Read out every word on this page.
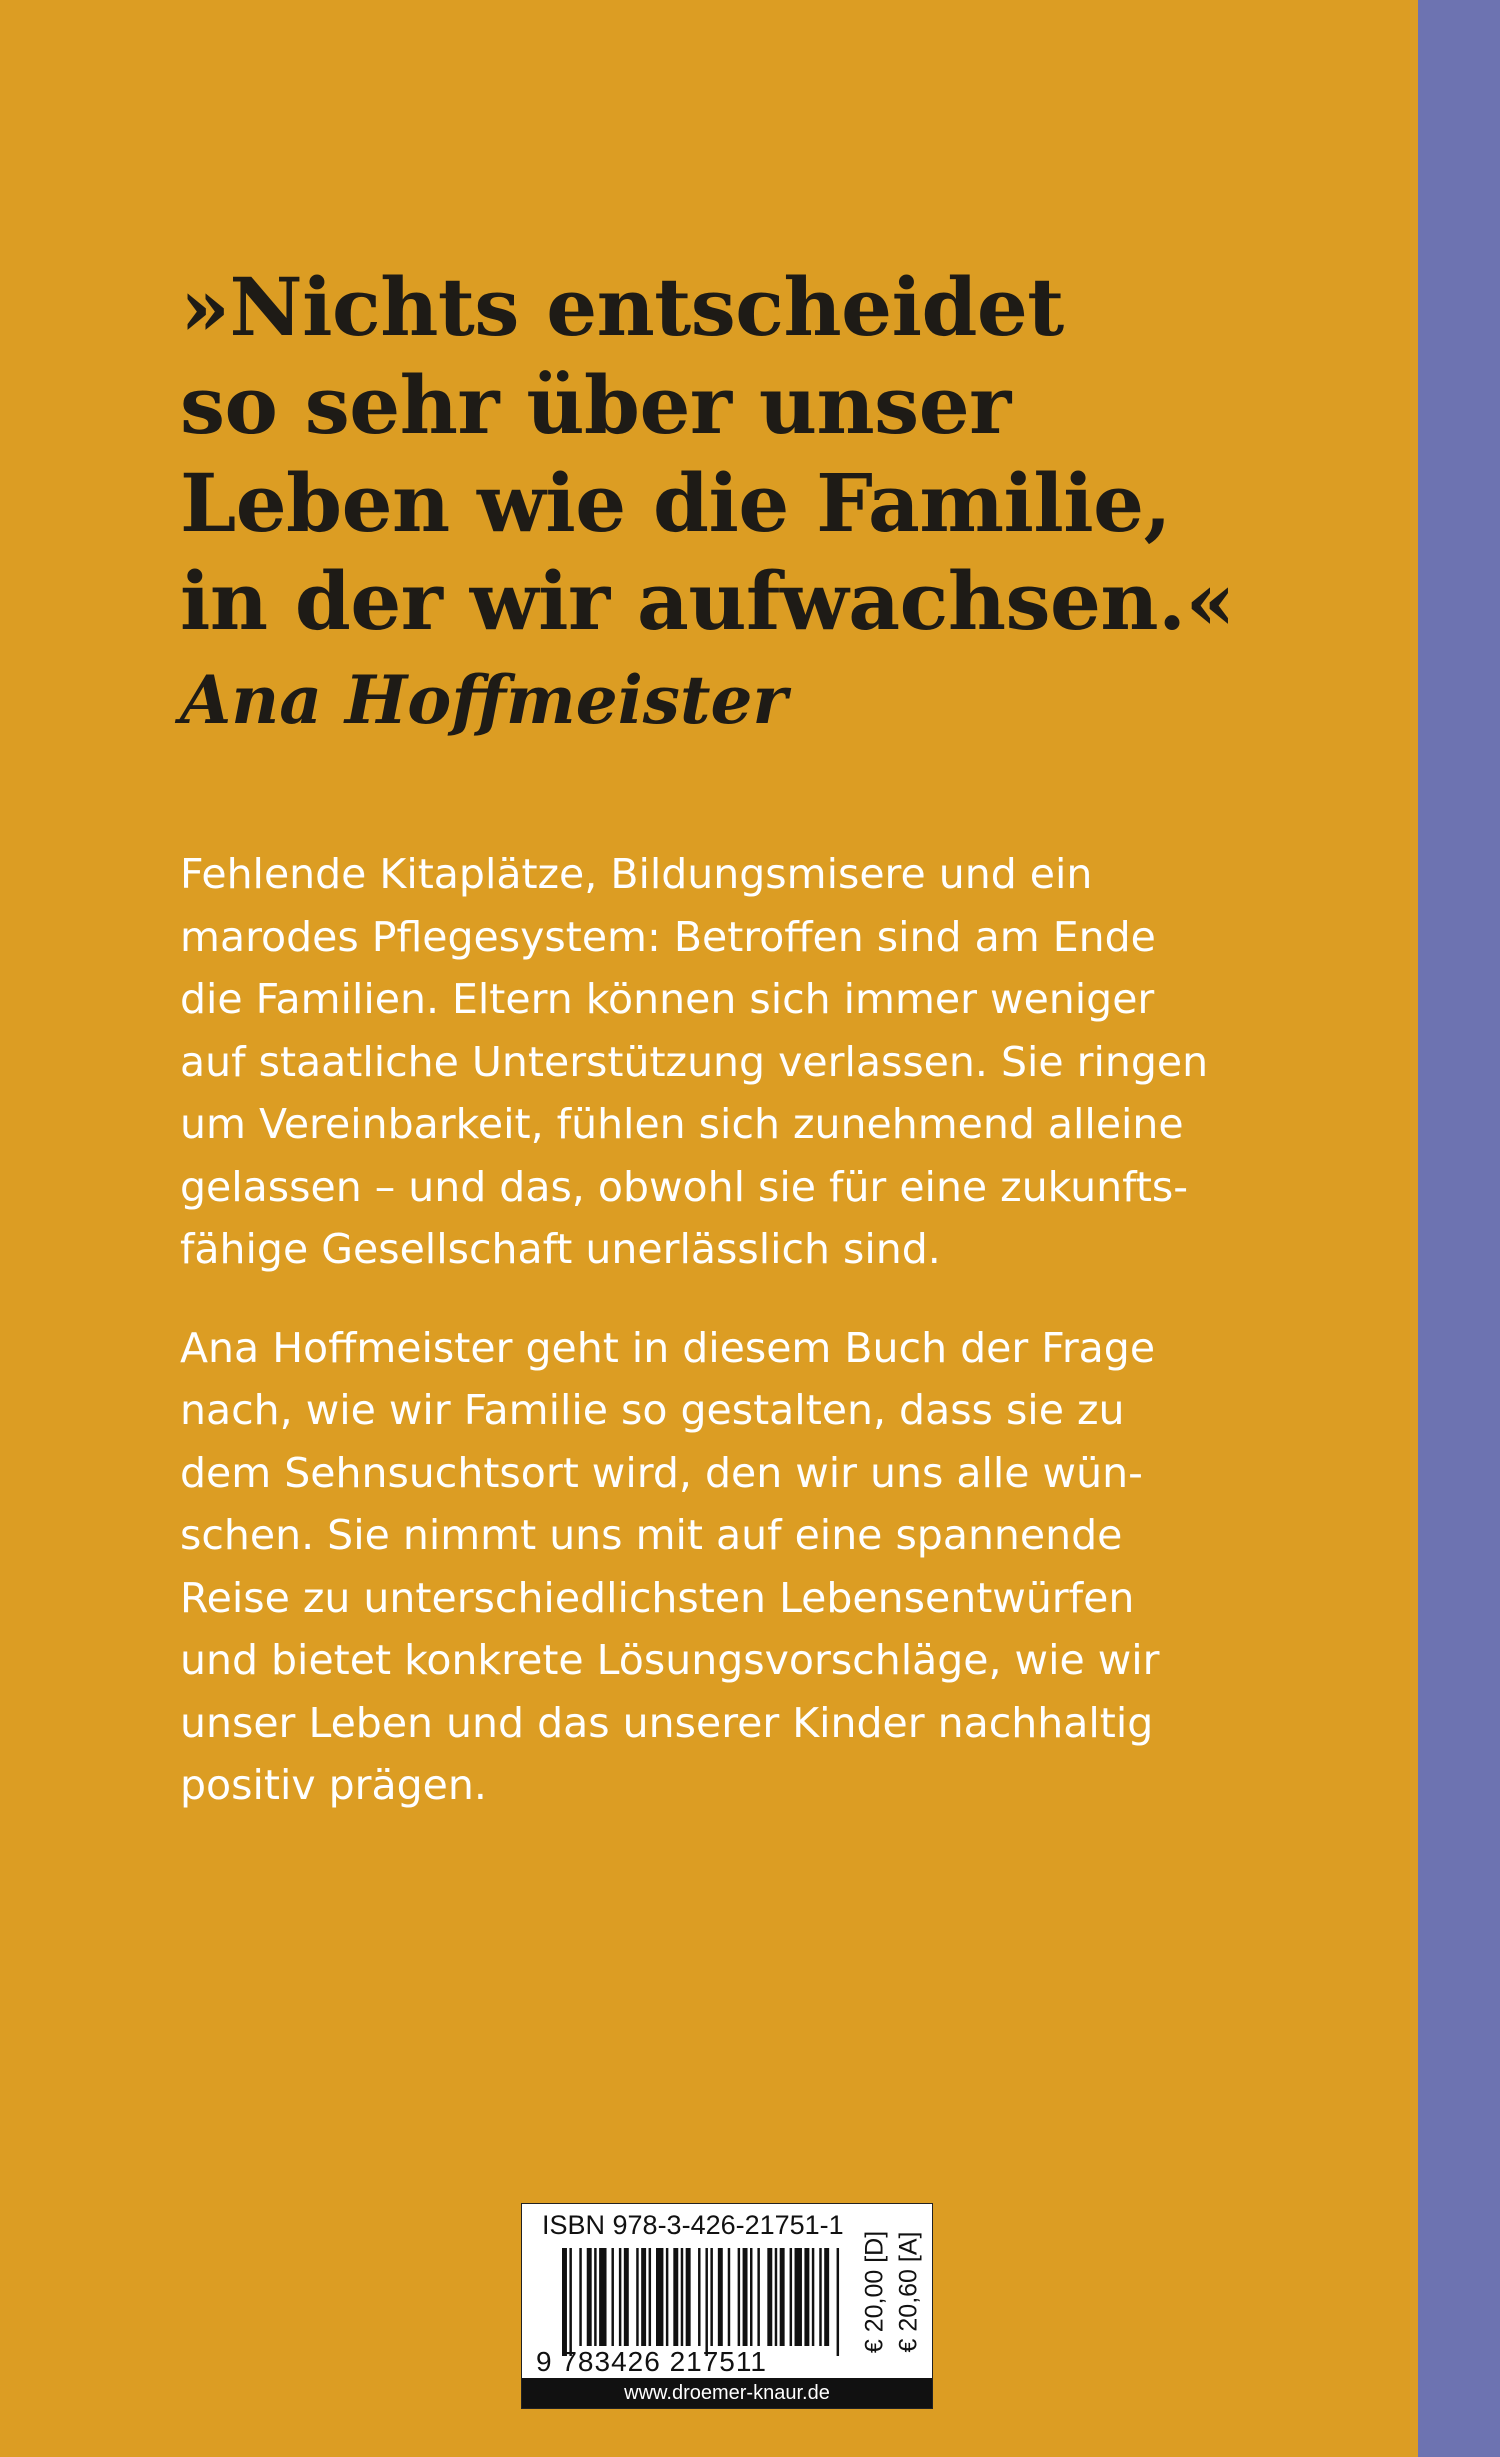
»Nichts entscheidet
so sehr über unser
Leben wie die Familie,
in der wir aufwachsen.«
Ana Hoffmeister
Fehlende Kitaplätze, Bildungsmisere und ein
marodes Pflegesystem: Betroffen sind am Ende
die Familien. Eltern können sich immer weniger
auf staatliche Unterstützung verlassen. Sie ringen
um Vereinbarkeit, fühlen sich zunehmend alleine
gelassen – und das, obwohl sie für eine zukunfts-
fähige Gesellschaft unerlässlich sind.
Ana Hoffmeister geht in diesem Buch der Frage
nach, wie wir Familie so gestalten, dass sie zu
dem Sehnsuchtsort wird, den wir uns alle wün-
schen. Sie nimmt uns mit auf eine spannende
Reise zu unterschiedlichsten Lebensentwürfen
und bietet konkrete Lösungsvorschläge, wie wir
unser Leben und das unserer Kinder nachhaltig
positiv prägen.
ISBN 978-3-426-21751-1
9 783426 217511
€ 20,00 [D] € 20,60 [A]
www.droemer-knaur.de
